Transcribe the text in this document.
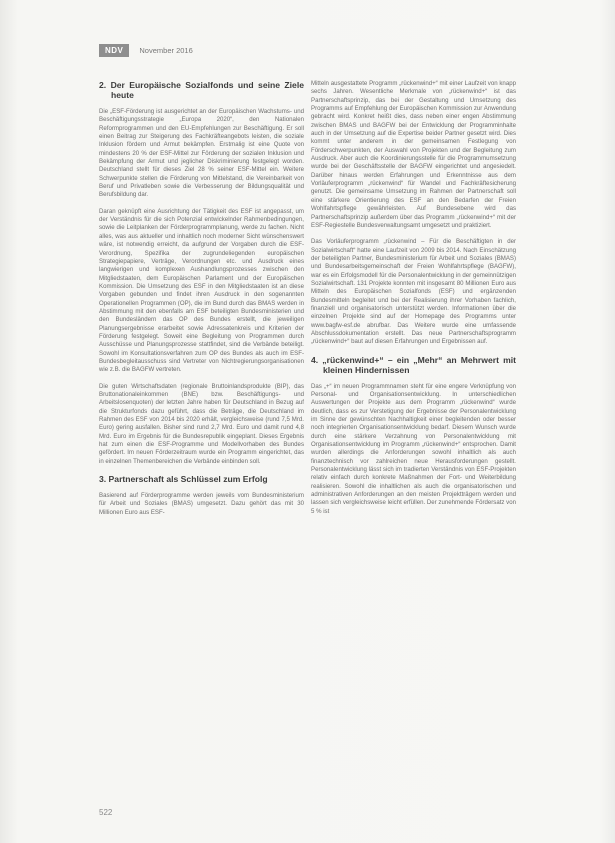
NDV	November 2016
2. Der Europäische Sozialfonds und seine Ziele heute

Die „ESF-Förderung ist ausgerichtet an der Europäischen Wachstums- und Beschäftigungsstrategie „Europa 2020“, den Nationalen Reformprogrammen und den EU-Empfehlungen zur Beschäftigung. Er soll einen Beitrag zur Steigerung des Fachkräfteangebots leisten, die soziale Inklusion fördern und Armut bekämpfen. Erstmalig ist eine Quote von mindestens 20 % der ESF-Mittel zur Förderung der sozialen Inklusion und Bekämpfung der Armut und jeglicher Diskriminierung festgelegt worden. Deutschland stellt für dieses Ziel 28 % seiner ESF-Mittel ein. Weitere Schwerpunkte stellen die Förderung von Mittelstand, die Vereinbarkeit von Beruf und Privatleben sowie die Verbesserung der Bildungsqualität und Berufsbildung dar.

Daran geknüpft eine Ausrichtung der Tätigkeit des ESF ist angepasst, um der Verständnis für die sich Potenzial entwickelnder Rahmenbedingungen, sowie die Leitplanken der Förderprogrammplanung, werde zu fachen. Nicht alles, was aus aktueller und inhaltlich noch moderner Sicht wünschenswert wäre, ist notwendig erreicht, da aufgrund der Vorgaben durch die ESF-Verordnung, Spezifika der zugrundeliegenden europäischen Strategiepapiere, Verträge, Verordnungen etc. und Ausdruck eines langwierigen und komplexen Aushandlungsprozesses zwischen den Mitgliedstaaten, dem Europäischen Parlament und der Europäischen Kommission. Die Umsetzung des ESF in den Mitgliedstaaten ist an diese Vorgaben gebunden und findet ihren Ausdruck in den sogenannten Operationellen Programmen (OP), die im Bund durch das BMAS werden in Abstimmung mit den ebenfalls am ESF beteiligten Bundesministerien und den Bundesländern das OP des Bundes erstellt, die jeweiligen Planungsergebnisse erarbeitet sowie Adressatenkreis und Kriterien der Förderung festgelegt. Soweit eine Begleitung von Programmen durch Ausschüsse und Planungsprozesse stattfindet, sind die Verbände beteiligt. Sowohl im Konsultationsverfahren zum OP des Bundes als auch im ESF-Bundesbegleitausschuss sind Vertreter von Nichtregierungsorganisationen wie z.B. die BAGFW vertreten.

Die guten Wirtschaftsdaten (regionale Bruttoinlandsprodukte (BIP), das Bruttonationaleinkommen (BNE) bzw. Beschäftigungs- und Arbeitslosenquoten) der letzten Jahre haben für Deutschland in Bezug auf die Strukturfonds dazu geführt, dass die Beträge, die Deutschland im Rahmen des ESF von 2014 bis 2020 erhält, vergleichsweise (rund 7,5 Mrd. Euro) gering ausfallen. Bisher sind rund 2,7 Mrd. Euro und damit rund 4,8 Mrd. Euro im Ergebnis für die Bundesrepublik eingeplant. Dieses Ergebnis hat zum einen die ESF-Programme und Modellvorhaben des Bundes gefördert. Im neuen Förderzeitraum wurde ein Programm eingerichtet, das in einzelnen Themenbereichen die Verbände einbinden soll.

3. Partnerschaft als Schlüssel zum Erfolg

Basierend auf Förderprogramme werden jeweils vom Bundesministerium für Arbeit und Soziales (BMAS) umgesetzt. Dazu gehört das mit 30 Millionen Euro aus ESF-

Mitteln ausgestattete Programm „rückenwind+“ mit einer Laufzeit von knapp sechs Jahren. Wesentliche Merkmale von „rückenwind+“ ist das Partnerschaftsprinzip, das bei der Gestaltung und Umsetzung des Programms auf Empfehlung der Europäischen Kommission zur Anwendung gebracht wird. Konkret heißt dies, dass neben einer engen Abstimmung zwischen BMAS und BAGFW bei der Entwicklung der Programminhalte auch in der Umsetzung auf die Expertise beider Partner gesetzt wird. Dies kommt unter anderem in der gemeinsamen Festlegung von Förderschwerpunkten, der Auswahl von Projekten und der Begleitung zum Ausdruck. Aber auch die Koordinierungsstelle für die Programmumsetzung wurde bei der Geschäftsstelle der BAGFW eingerichtet und angesiedelt. Darüber hinaus werden Erfahrungen und Erkenntnisse aus dem Vorläuferprogramm „rückenwind“ für Wandel und Fachkräftesicherung genutzt. Die gemeinsame Umsetzung im Rahmen der Partnerschaft soll eine stärkere Orientierung des ESF an den Bedarfen der Freien Wohlfahrtspflege gewährleisten. Auf Bundesebene wird das Partnerschaftsprinzip außerdem über das Programm „rückenwind+“ mit der ESF-Regiestelle Bundesverwaltungsamt umgesetzt und praktiziert.

Das Vorläuferprogramm „rückenwind – Für die Beschäftigten in der Sozialwirtschaft“ hatte eine Laufzeit von 2009 bis 2014. Nach Einschätzung der beteiligten Partner, Bundesministerium für Arbeit und Soziales (BMAS) und Bundesarbeitsgemeinschaft der Freien Wohlfahrtspflege (BAGFW), war es ein Erfolgsmodell für die Personalentwicklung in der gemeinnützigen Sozialwirtschaft. 131 Projekte konnten mit insgesamt 80 Millionen Euro aus Mitteln des Europäischen Sozialfonds (ESF) und ergänzenden Bundesmitteln begleitet und bei der Realisierung ihrer Vorhaben fachlich, finanziell und organisatorisch unterstützt werden. Informationen über die einzelnen Projekte sind auf der Homepage des Programms unter www.bagfw-esf.de abrufbar. Das Weitere wurde eine umfassende Abschlussdokumentation erstellt. Das neue Partnerschaftsprogramm „rückenwind+“ baut auf diesen Erfahrungen und Ergebnissen auf.

4. „rückenwind+“ – ein „Mehr“ an Mehrwert mit kleinen Hindernissen

Das „+“ im neuen Programmnamen steht für eine engere Verknüpfung von Personal- und Organisationsentwicklung. In unterschiedlichen Auswertungen der Projekte aus dem Programm „rückenwind“ wurde deutlich, dass es zur Verstetigung der Ergebnisse der Personalentwicklung im Sinne der gewünschten Nachhaltigkeit einer begleitenden oder besser noch integrierten Organisationsentwicklung bedarf. Diesem Wunsch wurde durch eine stärkere Verzahnung von Personalentwicklung mit Organisationsentwicklung im Programm „rückenwind+“ entsprochen. Damit wurden allerdings die Anforderungen sowohl inhaltlich als auch finanztechnisch vor zahlreichen neue Herausforderungen gestellt. Personalentwicklung lässt sich im tradierten Verständnis von ESF-Projekten relativ einfach durch konkrete Maßnahmen der Fort- und Weiterbildung realisieren. Sowohl die inhaltlichen als auch die organisatorischen und administrativen Anforderungen an den meisten Projektträgern werden und lassen sich vergleichsweise leicht erfüllen. Der zunehmende Fördersatz von 5 % ist

522
